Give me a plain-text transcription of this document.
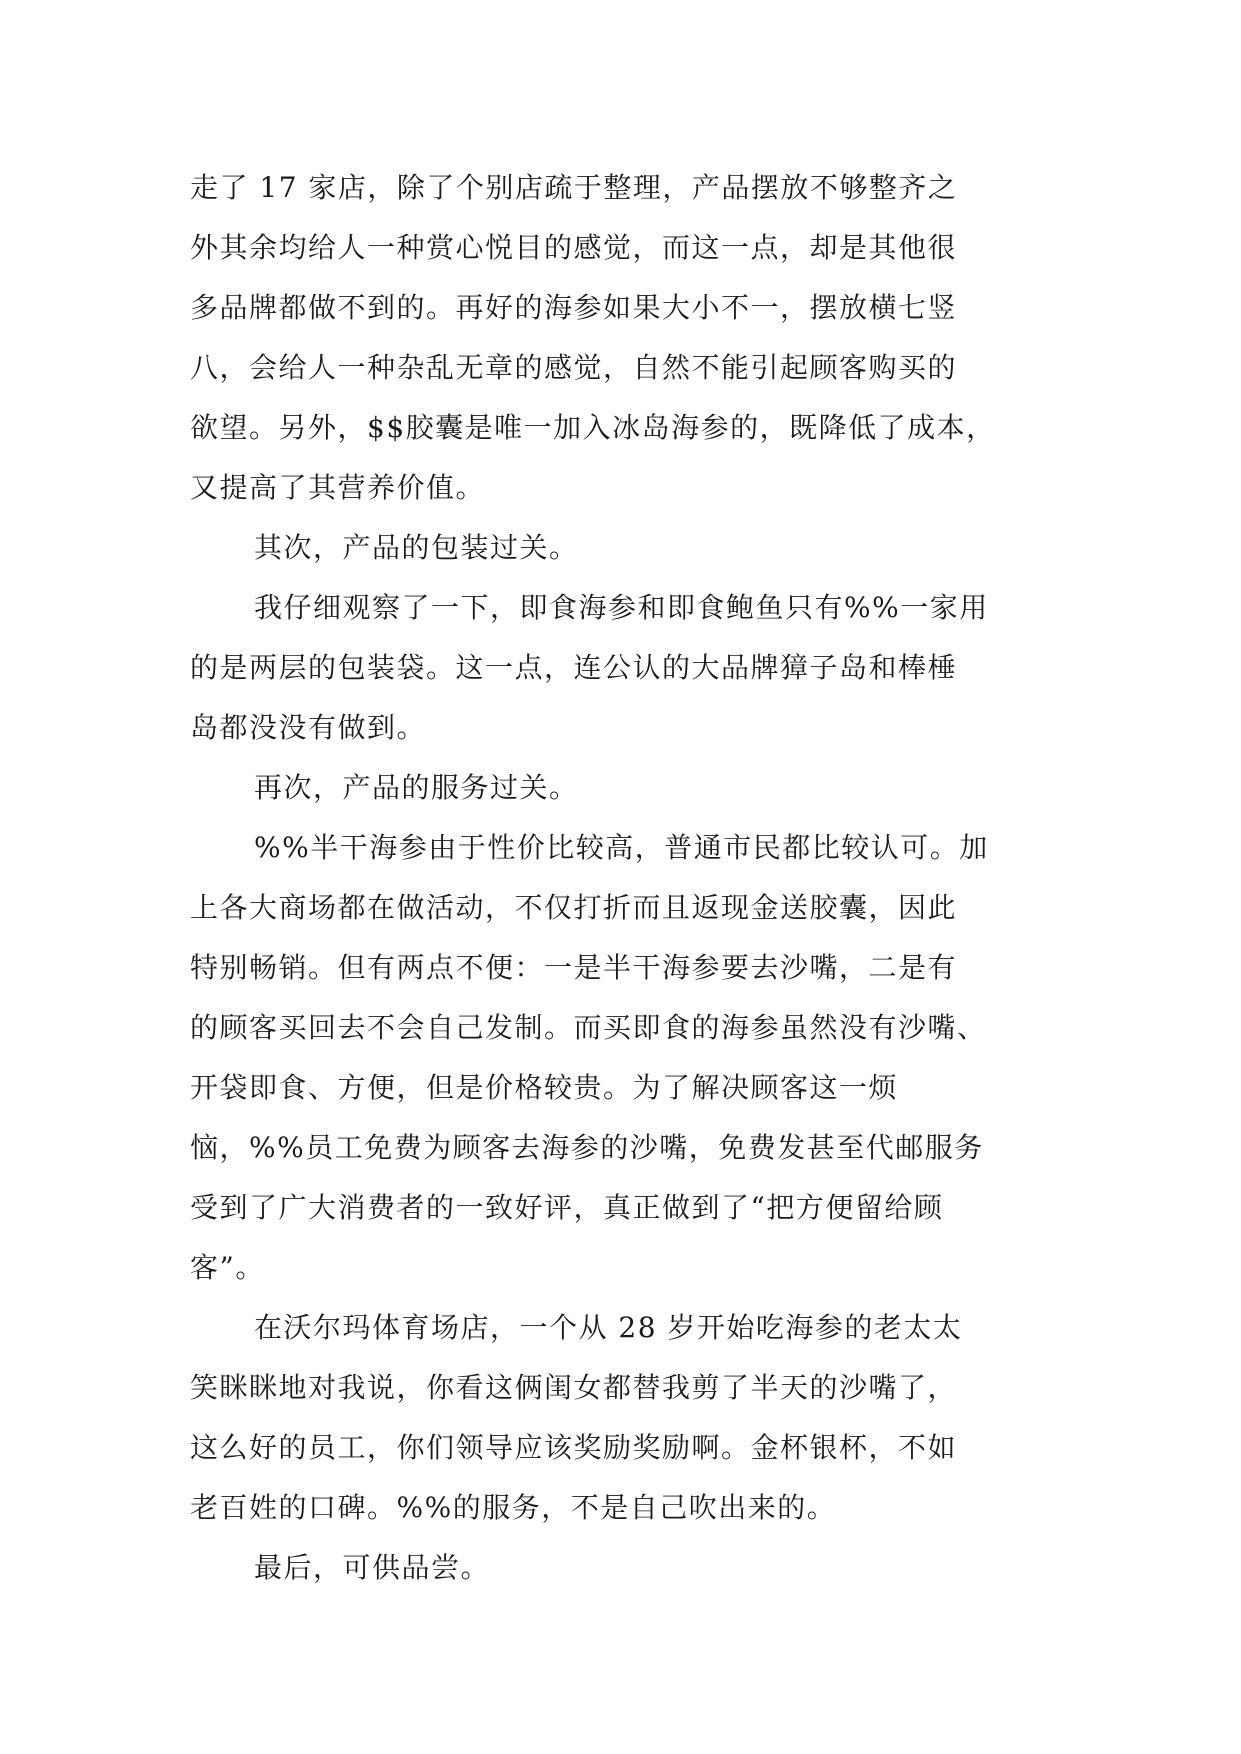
走了 17 家店，除了个别店疏于整理，产品摆放不够整齐之
外其余均给人一种赏心悦目的感觉，而这一点，却是其他很
多品牌都做不到的。再好的海参如果大小不一，摆放横七竖
八，会给人一种杂乱无章的感觉，自然不能引起顾客购买的
欲望。另外，$$胶囊是唯一加入冰岛海参的，既降低了成本，
又提高了其营养价值。
其次，产品的包装过关。
我仔细观察了一下，即食海参和即食鲍鱼只有%%一家用
的是两层的包装袋。这一点，连公认的大品牌獐子岛和棒棰
岛都没没有做到。
再次，产品的服务过关。
%%半干海参由于性价比较高，普通市民都比较认可。加
上各大商场都在做活动，不仅打折而且返现金送胶囊，因此
特别畅销。但有两点不便：一是半干海参要去沙嘴，二是有
的顾客买回去不会自己发制。而买即食的海参虽然没有沙嘴、
开袋即食、方便，但是价格较贵。为了解决顾客这一烦
恼，%%员工免费为顾客去海参的沙嘴，免费发甚至代邮服务
受到了广大消费者的一致好评，真正做到了“把方便留给顾
客”。
在沃尔玛体育场店，一个从 28 岁开始吃海参的老太太
笑眯眯地对我说，你看这俩闺女都替我剪了半天的沙嘴了，
这么好的员工，你们领导应该奖励奖励啊。金杯银杯，不如
老百姓的口碑。%%的服务，不是自己吹出来的。
最后，可供品尝。
